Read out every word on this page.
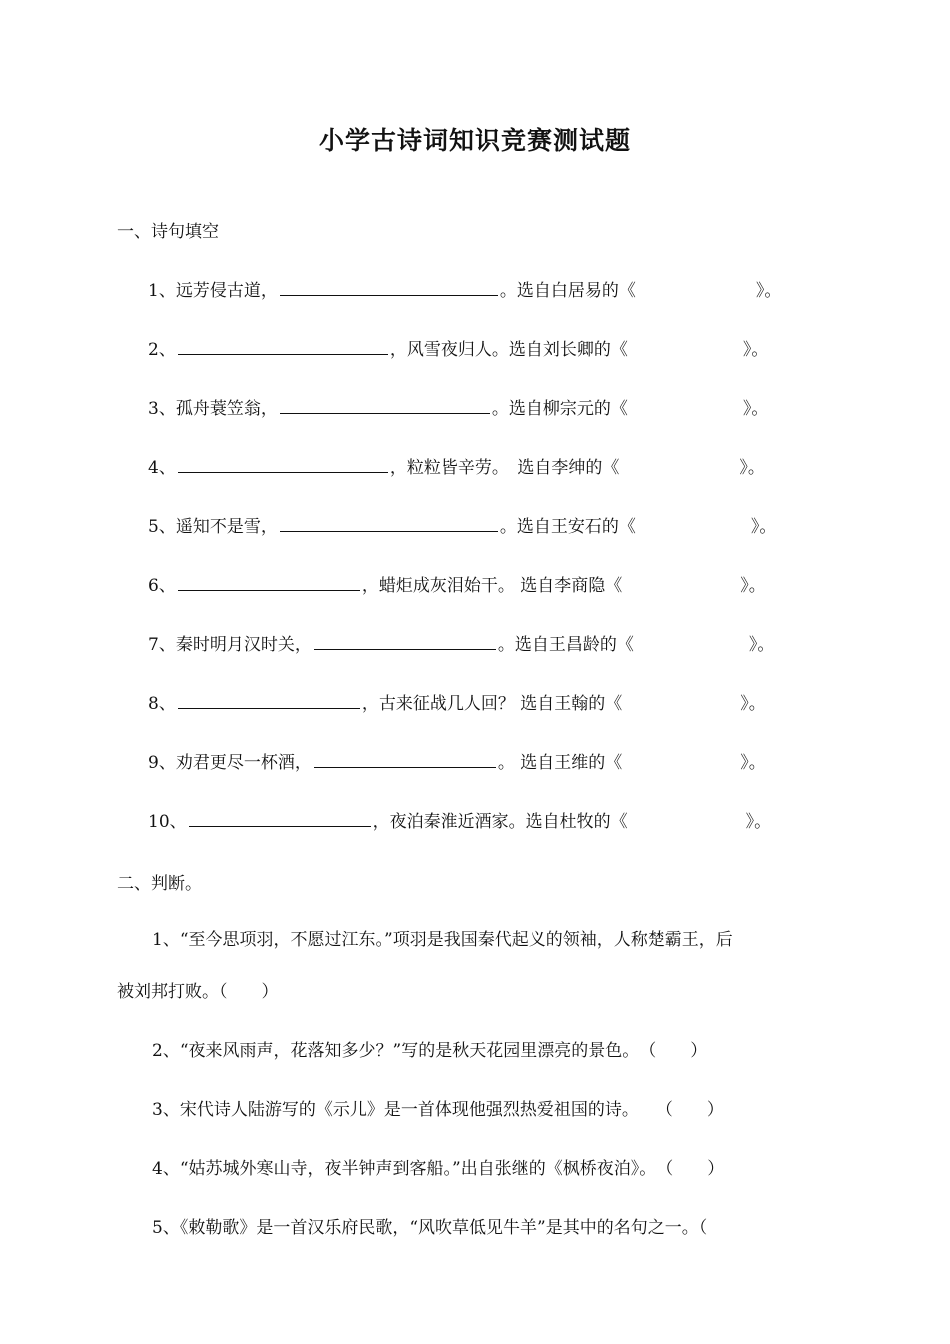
小学古诗词知识竞赛测试题
一、诗句填空
1、远芳侵古道，	。选自白居易的《	》。
2、	，风雪夜归人。选自刘长卿的《	》。
3、孤舟蓑笠翁，	。选自柳宗元的《	》。
4、	，粒粒皆辛劳。　选自李绅的《	》。
5、遥知不是雪，	。选自王安石的《	》。
6、	，蜡炬成灰泪始干。 选自李商隐《	》。
7、秦时明月汉时关，	。选自王昌龄的《	》。
8、	，古来征战几人回？ 选自王翰的《	》。
9、劝君更尽一杯酒，	。 选自王维的《	》。
10、	，夜泊秦淮近酒家。选自杜牧的《	》。
二、判断。
1、“至今思项羽，不愿过江东。”项羽是我国秦代起义的领袖，人称楚霸王，后
被刘邦打败。（　　）
2、“夜来风雨声，花落知多少？”写的是秋天花园里漂亮的景色。　（　　）
3、宋代诗人陆游写的《示儿》是一首体现他强烈热爱祖国的诗。　　（　　）
4、“姑苏城外寒山寺，夜半钟声到客船。”出自张继的《枫桥夜泊》。　（　　）
5、《敕勒歌》是一首汉乐府民歌，“风吹草低见牛羊”是其中的名句之一。（
